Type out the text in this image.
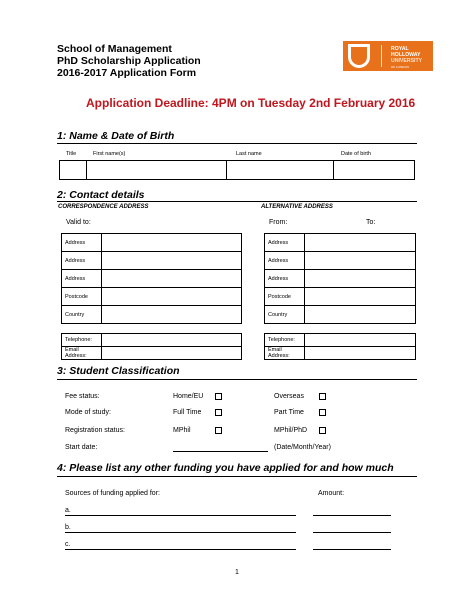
School of Management
PhD Scholarship Application
2016-2017 Application Form
ROYAL
HOLLOWAY
UNIVERSITY
OF LONDON
Application Deadline: 4PM on Tuesday 2nd February 2016
1: Name & Date of Birth
Title	First name(s)	Last name	Date of birth

2: Contact details
CORRESPONDENCE ADDRESS	ALTERNATIVE ADDRESS
Valid to:	From:	To:
Address	
Address	
Address	
Postcode	
Country	

Telephone:	
Email Address:	
Address	
Address	
Address	
Postcode	
Country	

Telephone:	
Email Address:	
3: Student Classification
Fee status:	Home/EU	Overseas
Mode of study:	Full Time	Part Time
Registration status:	MPhil	MPhil/PhD
Start date:	(Date/Month/Year)
4: Please list any other funding you have applied for and how much
Sources of funding applied for:	Amount:
a.
b.
c.
1
